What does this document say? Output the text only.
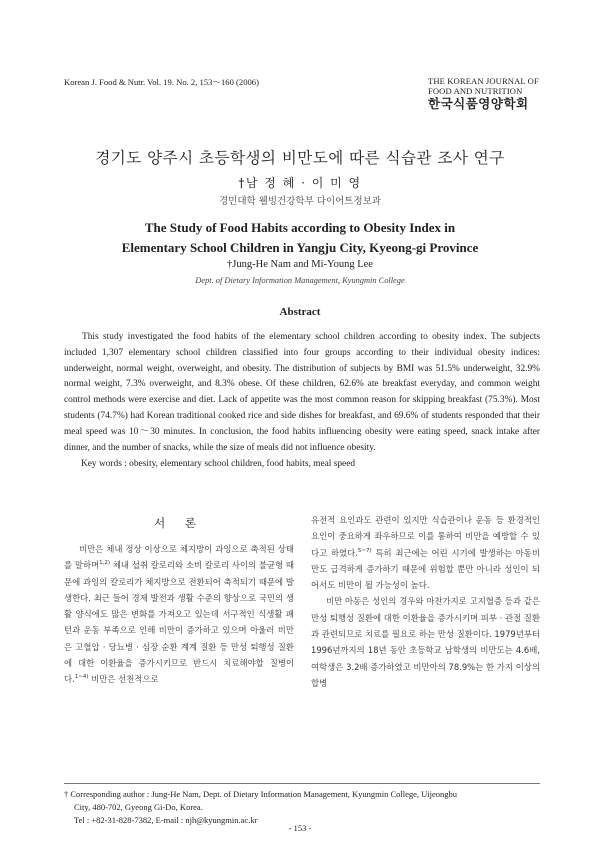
Korean J. Food & Nutr. Vol. 19. No. 2, 153～160 (2006)	THE KOREAN JOURNAL OF
FOOD AND NUTRITION
한국식품영양학회
경기도 양주시 초등학생의 비만도에 따른 식습관 조사 연구
†남 정 혜 · 이 미 영
경민대학 웰빙건강학부 다이어트정보과
The Study of Food Habits according to Obesity Index in
Elementary School Children in Yangju City, Kyeong-gi Province
†Jung-He Nam and Mi-Young Lee
Dept. of Dietary Information Management, Kyungmin College
Abstract
This study investigated the food habits of the elementary school children according to obesity index. The subjects included 1,307 elementary school children classified into four groups according to their individual obesity indices: underweight, normal weight, overweight, and obesity. The distribution of subjects by BMI was 51.5% underweight, 32.9% normal weight, 7.3% overweight, and 8.3% obese. Of these children, 62.6% ate breakfast everyday, and common weight control methods were exercise and diet. Lack of appetite was the most common reason for skipping breakfast (75.3%). Most students (74.7%) had Korean traditional cooked rice and side dishes for breakfast, and 69.6% of students responded that their meal speed was 10～30 minutes. In conclusion, the food habits influencing obesity were eating speed, snack intake after dinner, and the number of snacks, while the size of meals did not influence obesity.
Key words : obesity, elementary school children, food habits, meal speed
서 론
비만은 체내 정상 이상으로 체지방이 과잉으로 축적된 상태를 말하며$^{1,2)}$ 체내 섭취 칼로리와 소비 칼로리 사이의 불균형 때문에 과잉의 칼로리가 체지방으로 전환되어 축적되기 때문에 발생한다. 최근 들어 경제 발전과 생활 수준의 향상으로 국민의 생활 양식에도 많은 변화를 가져오고 있는데 서구적인 식생활 패턴과 운동 부족으로 인해 비만이 증가하고 있으며 아울러 비만은 고혈압 · 당뇨병 · 심장 순환 계계 질환 등 만성 퇴행성 질환에 대한 이환율을 증가시키므로 반드시 치료해야할 질병이다.$^{1\sim 4)}$ 비만은 선천적으로

유전적 요인과도 관련이 있지만 식습관이나 운동 등 환경적인 요인이 중요하게 좌우하므로 이를 통하여 비만을 예방할 수 있다고 하였다.$^{5\sim 7)}$ 특히 최근에는 어린 시기에 발생하는 아동비만도 급격하게 증가하기 때문에 위험할 뿐만 아니라 성인이 되어서도 비만이 될 가능성이 높다.

비만 아동은 성인의 경우와 마찬가지로 고지혈증 등과 같은 만성 퇴행성 질환에 대한 이환율을 증가시키며 피부 · 관절 질환과 관련되므로 치료를 필요로 하는 만성 질환이다. 1979년부터 1996년까지의 18년 동안 초등학교 남학생의 비만도는 4.6배, 여학생은 3.2배 증가하였고 비만아의 78.9%는 한 가지 이상의 합병

† Corresponding author : Jung-He Nam, Dept. of Dietary Information Management, Kyungmin College, Uijeongbu
City, 480-702, Gyeong Gi-Do, Korea.
Tel : +82-31-828-7382, E-mail : njh@kyungmin.ac.kr
- 153 -
